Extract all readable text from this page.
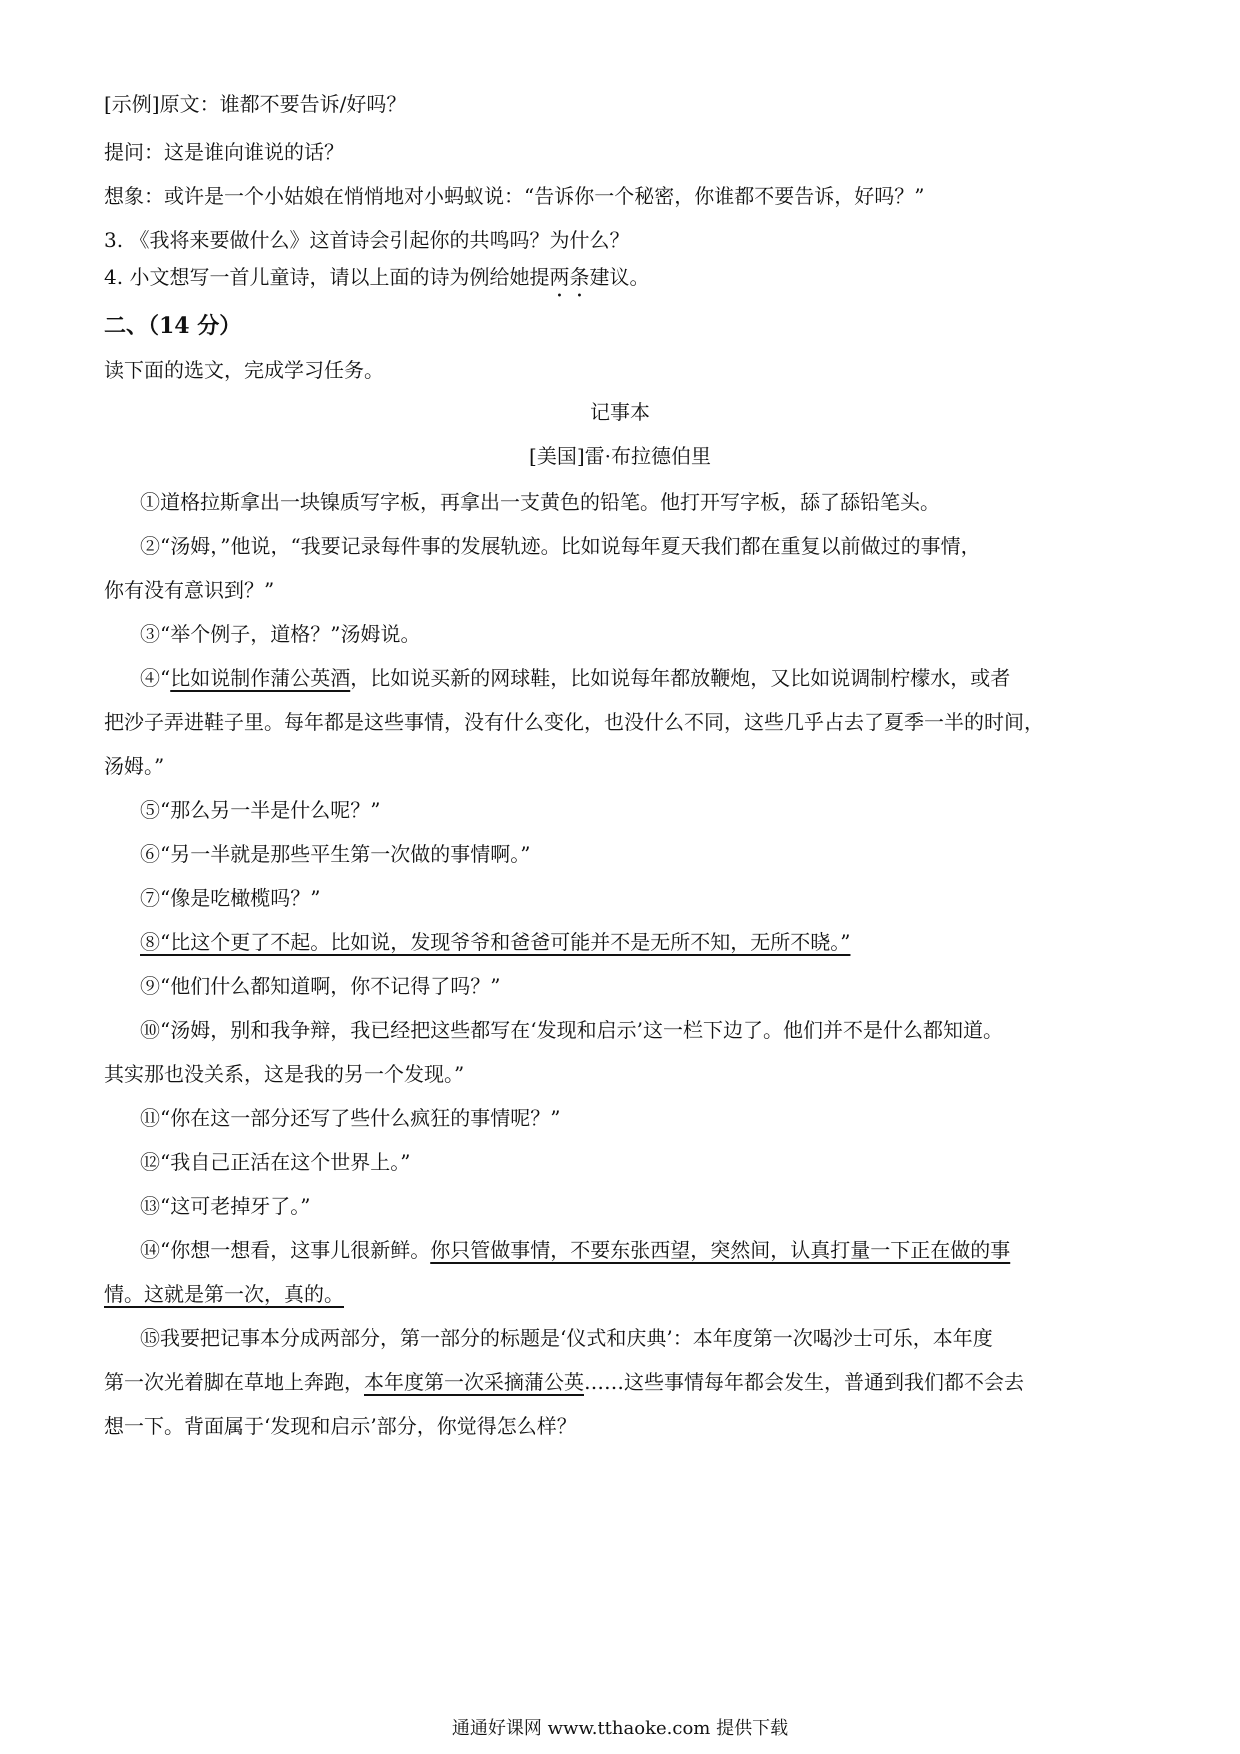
[示例]原文：谁都不要告诉/好吗？
提问：这是谁向谁说的话？
想象：或许是一个小姑娘在悄悄地对小蚂蚁说：“告诉你一个秘密，你谁都不要告诉，好吗？”
3. 《我将来要做什么》这首诗会引起你的共鸣吗？为什么？
4. 小文想写一首儿童诗，请以上面的诗为例给她提两条建议。
二、（14 分）
读下面的选文，完成学习任务。
记事本
[美国]雷·布拉德伯里
①道格拉斯拿出一块镍质写字板，再拿出一支黄色的铅笔。他打开写字板，舔了舔铅笔头。
②“汤姆，”他说，“我要记录每件事的发展轨迹。比如说每年夏天我们都在重复以前做过的事情，
你有没有意识到？”
③“举个例子，道格？”汤姆说。
④“比如说制作蒲公英酒，比如说买新的网球鞋，比如说每年都放鞭炮，又比如说调制柠檬水，或者
把沙子弄进鞋子里。每年都是这些事情，没有什么变化，也没什么不同，这些几乎占去了夏季一半的时间，
汤姆。”
⑤“那么另一半是什么呢？”
⑥“另一半就是那些平生第一次做的事情啊。”
⑦“像是吃橄榄吗？”
⑧“比这个更了不起。比如说，发现爷爷和爸爸可能并不是无所不知，无所不晓。”
⑨“他们什么都知道啊，你不记得了吗？”
⑩“汤姆，别和我争辩，我已经把这些都写在‘发现和启示’这一栏下边了。他们并不是什么都知道。
其实那也没关系，这是我的另一个发现。”
⑪“你在这一部分还写了些什么疯狂的事情呢？”
⑫“我自己正活在这个世界上。”
⑬“这可老掉牙了。”
⑭“你想一想看，这事儿很新鲜。你只管做事情，不要东张西望，突然间，认真打量一下正在做的事
情。这就是第一次，真的。
⑮我要把记事本分成两部分，第一部分的标题是‘仪式和庆典’：本年度第一次喝沙士可乐，本年度
第一次光着脚在草地上奔跑，本年度第一次采摘蒲公英……这些事情每年都会发生，普通到我们都不会去
想一下。背面属于‘发现和启示’部分，你觉得怎么样？
通通好课网 www.tthaoke.com 提供下载
